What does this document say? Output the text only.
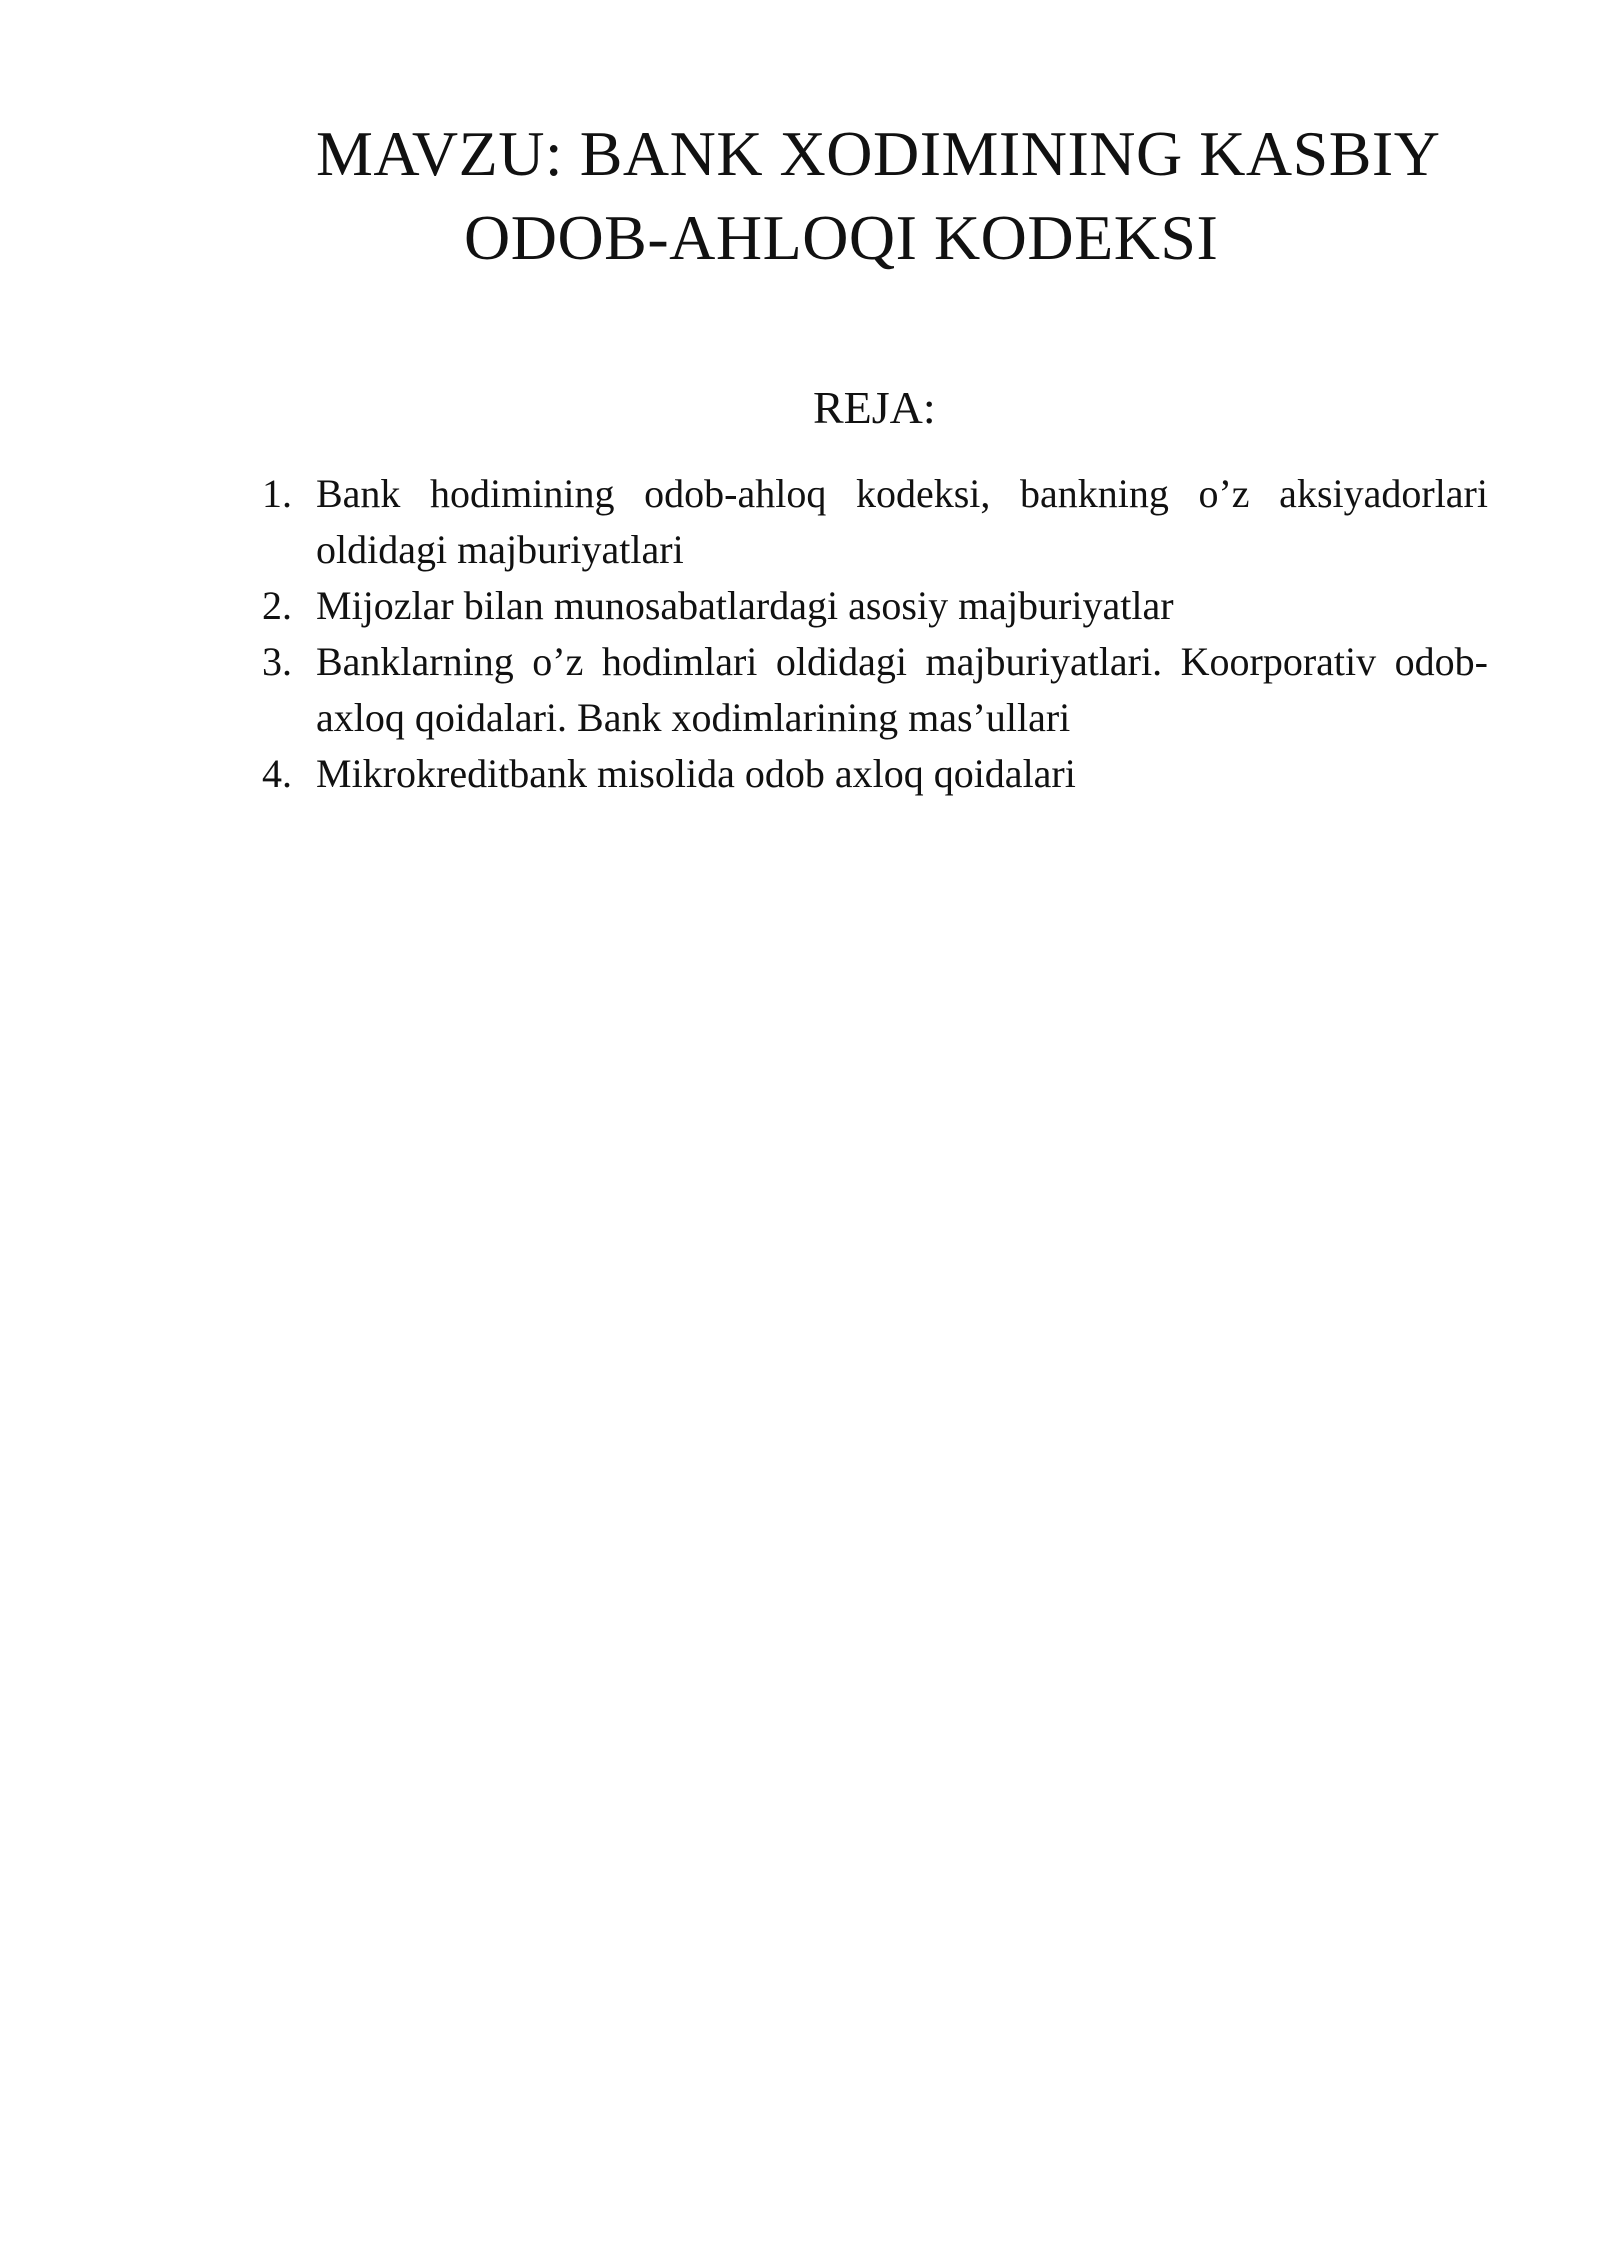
MAVZU: BANK XODIMINING KASBIY
ODOB-AHLOQI KODEKSI
REJA:
1. Bank hodimining odob-ahloq kodeksi, bankning o’z aksiyadorlari oldidagi majburiyatlari
2. Mijozlar bilan munosabatlardagi asosiy majburiyatlar
3. Banklarning o’z hodimlari oldidagi majburiyatlari. Koorporativ odob-axloq qoidalari. Bank xodimlarining mas’ullari
4. Mikrokreditbank misolida odob axloq qoidalari
